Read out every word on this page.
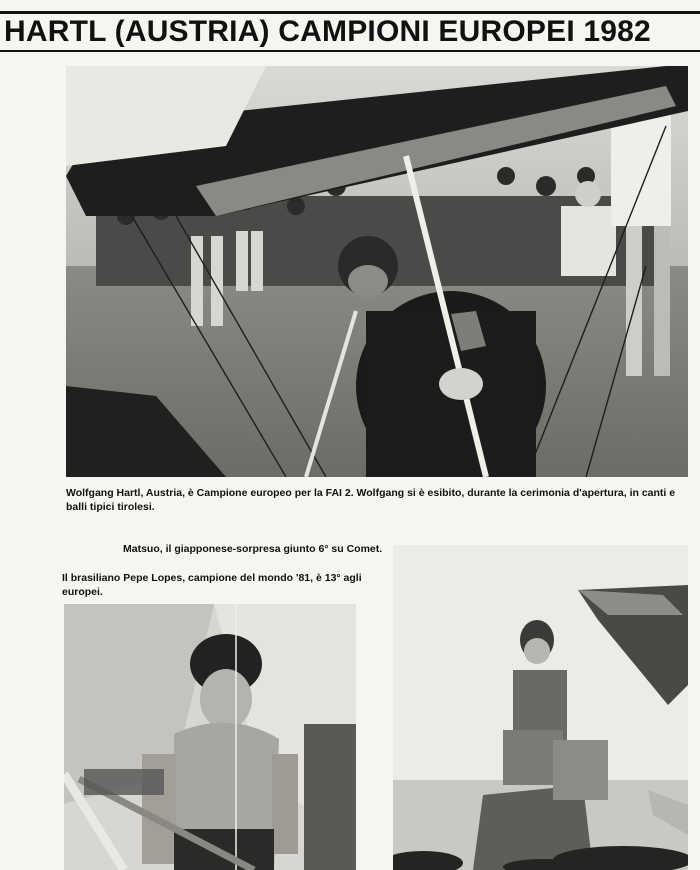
HARTL (AUSTRIA) CAMPIONI EUROPEI 1982
Wolfgang Hartl, Austria, è Campione europeo per la FAI 2. Wolfgang si è esibito, durante la cerimonia d'apertura, in canti e balli tipici tirolesi.
Matsuo, il giapponese-sorpresa giunto 6° su Comet.
Il brasiliano Pepe Lopes, campione del mondo '81, è 13° agli europei.
